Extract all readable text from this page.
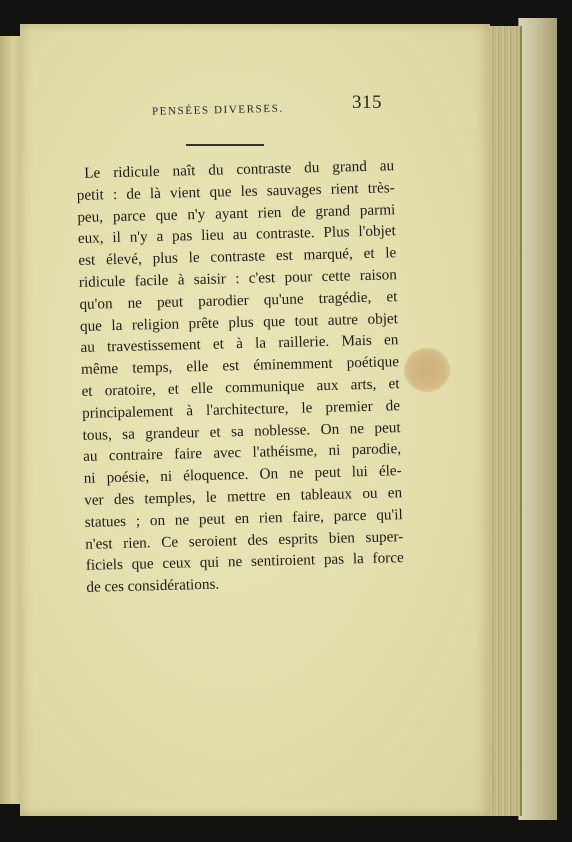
PENSÉES DIVERSES.	315
Le ridicule naît du contraste du grand au
petit : de là vient que les sauvages rient très-
peu, parce que n'y ayant rien de grand parmi
eux, il n'y a pas lieu au contraste. Plus l'objet
est élevé, plus le contraste est marqué, et le
ridicule facile à saisir : c'est pour cette raison
qu'on ne peut parodier qu'une tragédie, et
que la religion prête plus que tout autre objet
au travestissement et à la raillerie. Mais en
même temps, elle est éminemment poétique
et oratoire, et elle communique aux arts, et
principalement à l'architecture, le premier de
tous, sa grandeur et sa noblesse. On ne peut
au contraire faire avec l'athéisme, ni parodie,
ni poésie, ni éloquence. On ne peut lui éle-
ver des temples, le mettre en tableaux ou en
statues ; on ne peut en rien faire, parce qu'il
n'est rien. Ce seroient des esprits bien super-
ficiels que ceux qui ne sentiroient pas la force
de ces considérations.
